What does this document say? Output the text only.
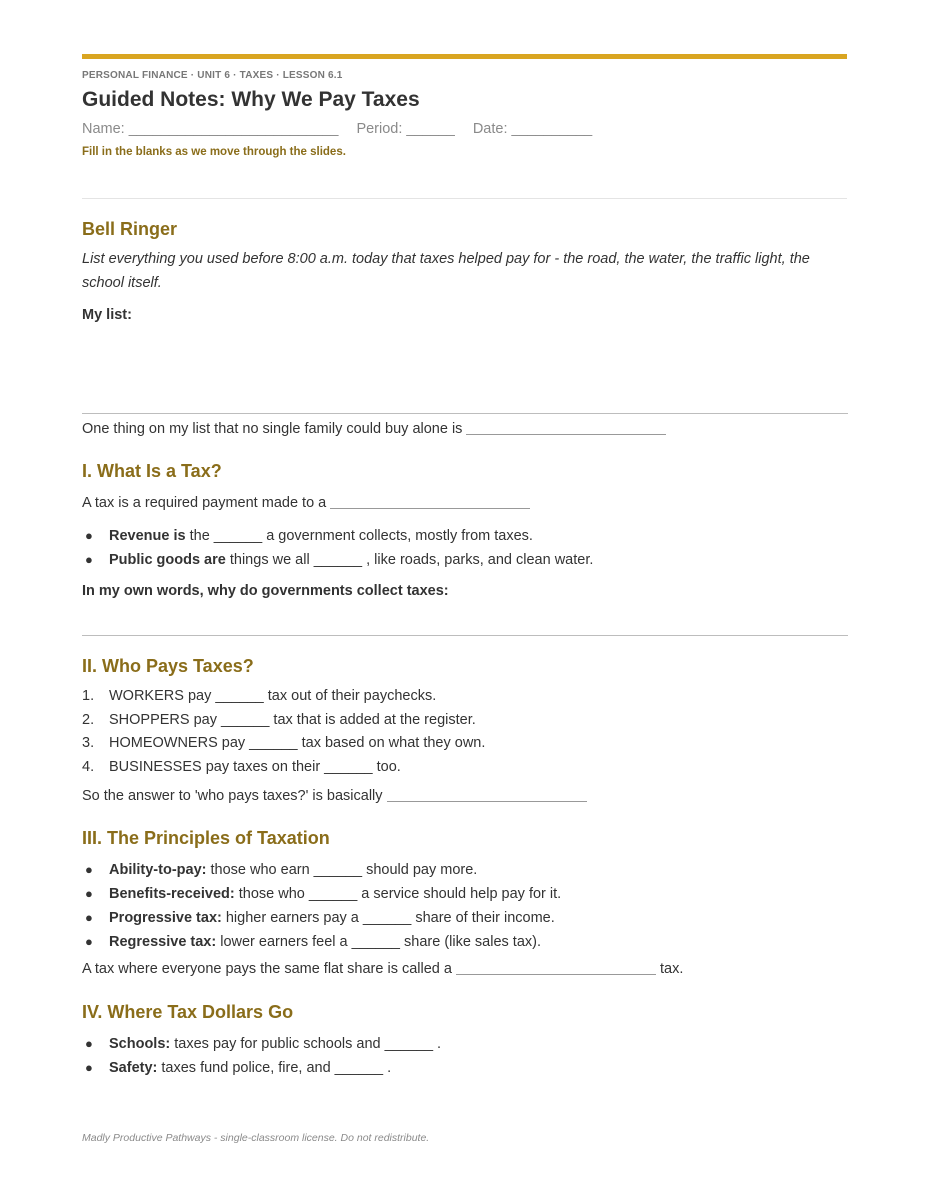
PERSONAL FINANCE · UNIT 6 · TAXES · LESSON 6.1
Guided Notes: Why We Pay Taxes
Name: __________________________ Period: ______ Date: __________
Fill in the blanks as we move through the slides.
Bell Ringer
List everything you used before 8:00 a.m. today that taxes helped pay for - the road, the water, the traffic light, the school itself.
My list:
One thing on my list that no single family could buy alone is
I. What Is a Tax?
A tax is a required payment made to a
● Revenue is the ______ a government collects, mostly from taxes.
● Public goods are things we all ______ , like roads, parks, and clean water.
In my own words, why do governments collect taxes:
II. Who Pays Taxes?
1. WORKERS pay ______ tax out of their paychecks.
2. SHOPPERS pay ______ tax that is added at the register.
3. HOMEOWNERS pay ______ tax based on what they own.
4. BUSINESSES pay taxes on their ______ too.
So the answer to 'who pays taxes?' is basically
III. The Principles of Taxation
● Ability-to-pay: those who earn ______ should pay more.
● Benefits-received: those who ______ a service should help pay for it.
● Progressive tax: higher earners pay a ______ share of their income.
● Regressive tax: lower earners feel a ______ share (like sales tax).
A tax where everyone pays the same flat share is called a	tax.
IV. Where Tax Dollars Go
● Schools: taxes pay for public schools and ______ .
● Safety: taxes fund police, fire, and ______ .
Madly Productive Pathways - single-classroom license. Do not redistribute.
